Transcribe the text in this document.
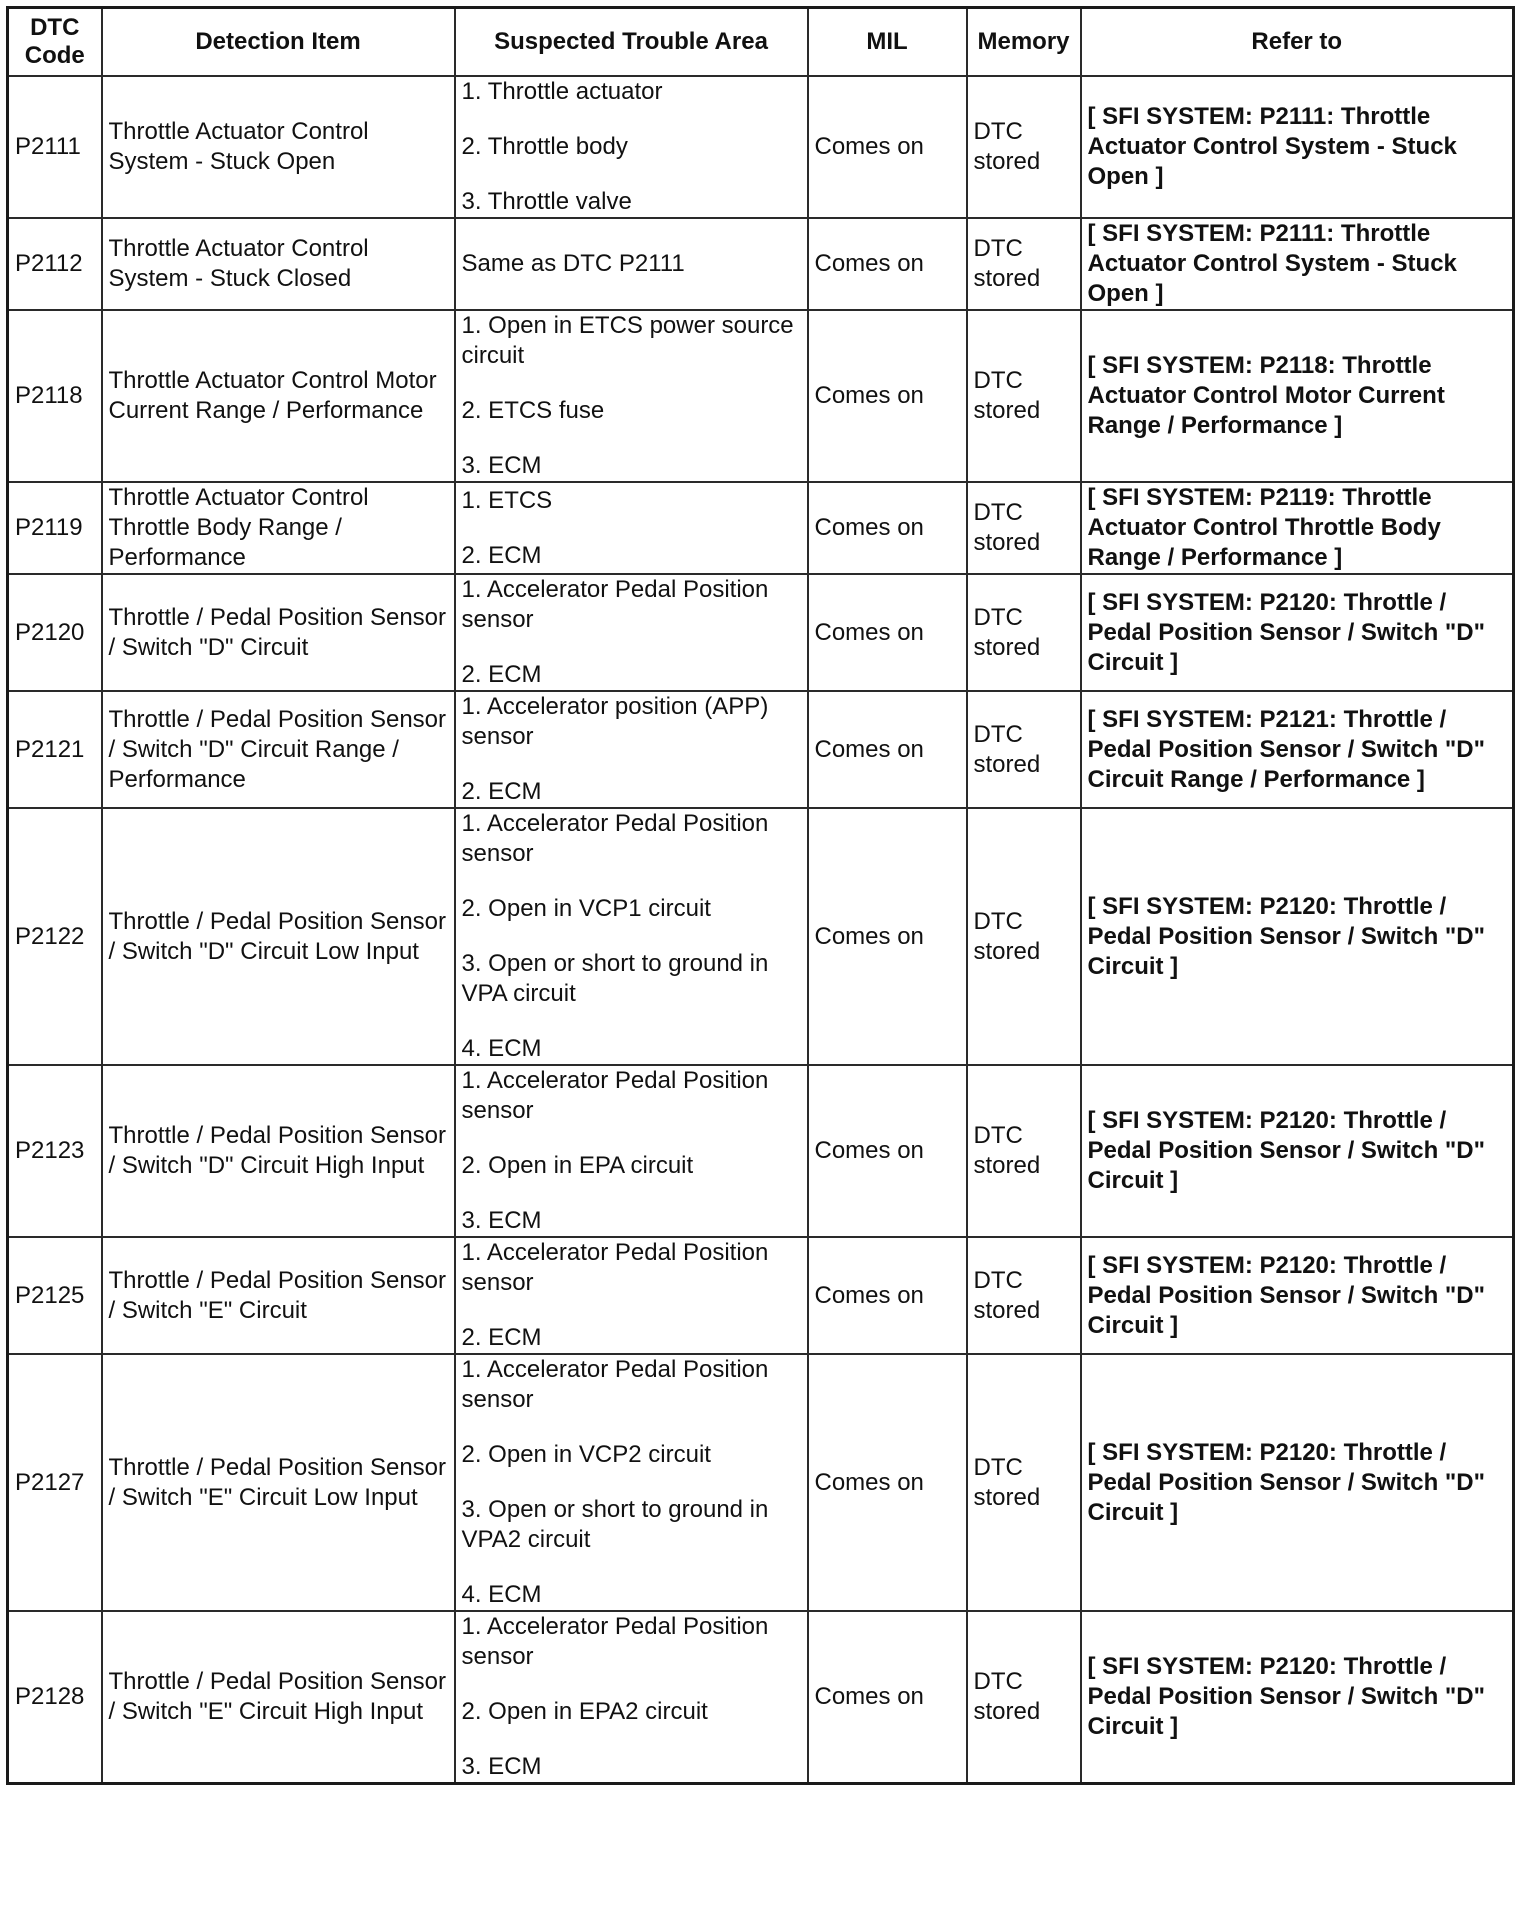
DTC Code	Detection Item	Suspected Trouble Area	MIL	Memory	Refer to
P2111	Throttle Actuator Control System - Stuck Open	1. Throttle actuator
2. Throttle body
3. Throttle valve	Comes on	DTC stored	[ SFI SYSTEM: P2111: Throttle Actuator Control System - Stuck Open ]
P2112	Throttle Actuator Control System - Stuck Closed	Same as DTC P2111	Comes on	DTC stored	[ SFI SYSTEM: P2111: Throttle Actuator Control System - Stuck Open ]
P2118	Throttle Actuator Control Motor Current Range / Performance	1. Open in ETCS power source circuit
2. ETCS fuse
3. ECM	Comes on	DTC stored	[ SFI SYSTEM: P2118: Throttle Actuator Control Motor Current Range / Performance ]
P2119	Throttle Actuator Control Throttle Body Range / Performance	1. ETCS
2. ECM	Comes on	DTC stored	[ SFI SYSTEM: P2119: Throttle Actuator Control Throttle Body Range / Performance ]
P2120	Throttle / Pedal Position Sensor / Switch "D" Circuit	1. Accelerator Pedal Position sensor
2. ECM	Comes on	DTC stored	[ SFI SYSTEM: P2120: Throttle / Pedal Position Sensor / Switch "D" Circuit ]
P2121	Throttle / Pedal Position Sensor / Switch "D" Circuit Range / Performance	1. Accelerator position (APP) sensor
2. ECM	Comes on	DTC stored	[ SFI SYSTEM: P2121: Throttle / Pedal Position Sensor / Switch "D" Circuit Range / Performance ]
P2122	Throttle / Pedal Position Sensor / Switch "D" Circuit Low Input	1. Accelerator Pedal Position sensor
2. Open in VCP1 circuit
3. Open or short to ground in VPA circuit
4. ECM	Comes on	DTC stored	[ SFI SYSTEM: P2120: Throttle / Pedal Position Sensor / Switch "D" Circuit ]
P2123	Throttle / Pedal Position Sensor / Switch "D" Circuit High Input	1. Accelerator Pedal Position sensor
2. Open in EPA circuit
3. ECM	Comes on	DTC stored	[ SFI SYSTEM: P2120: Throttle / Pedal Position Sensor / Switch "D" Circuit ]
P2125	Throttle / Pedal Position Sensor / Switch "E" Circuit	1. Accelerator Pedal Position sensor
2. ECM	Comes on	DTC stored	[ SFI SYSTEM: P2120: Throttle / Pedal Position Sensor / Switch "D" Circuit ]
P2127	Throttle / Pedal Position Sensor / Switch "E" Circuit Low Input	1. Accelerator Pedal Position sensor
2. Open in VCP2 circuit
3. Open or short to ground in VPA2 circuit
4. ECM	Comes on	DTC stored	[ SFI SYSTEM: P2120: Throttle / Pedal Position Sensor / Switch "D" Circuit ]
P2128	Throttle / Pedal Position Sensor / Switch "E" Circuit High Input	1. Accelerator Pedal Position sensor
2. Open in EPA2 circuit
3. ECM	Comes on	DTC stored	[ SFI SYSTEM: P2120: Throttle / Pedal Position Sensor / Switch "D" Circuit ]
